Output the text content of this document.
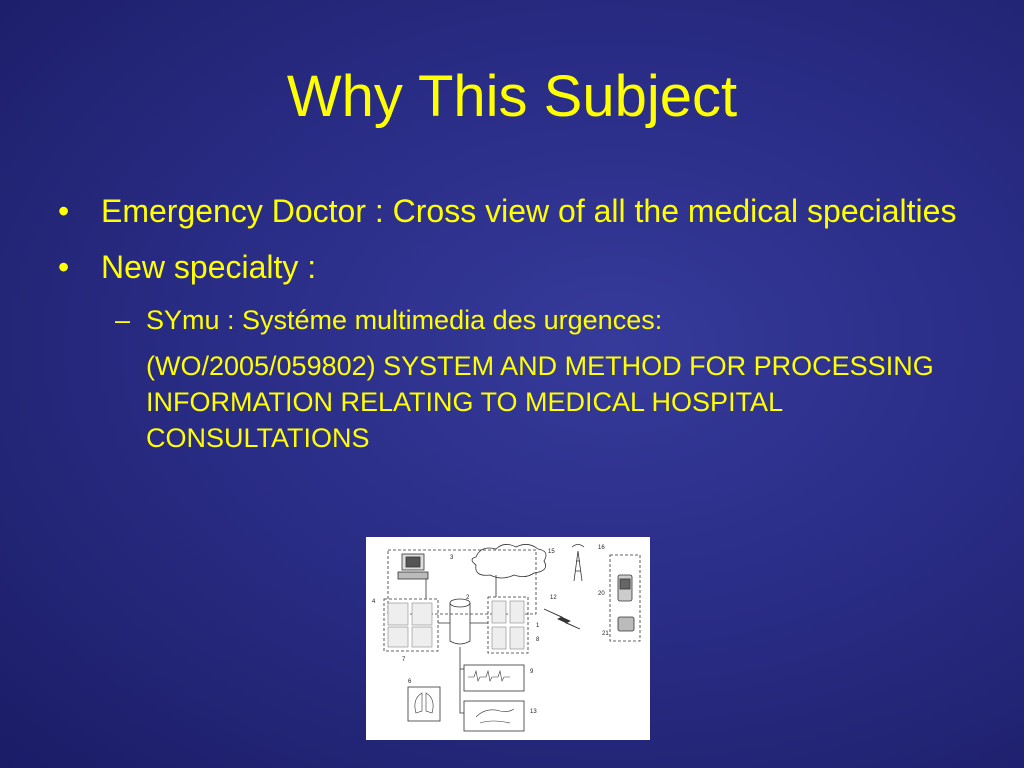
Why This Subject
• Emergency Doctor : Cross view of all the medical specialties
• New specialty :
– SYmu : Systéme multimedia des urgences:
(WO/2005/059802) SYSTEM AND METHOD FOR PROCESSING INFORMATION RELATING TO MEDICAL HOSPITAL CONSULTATIONS
3
2
4
1
8
7
6
9
13
12
15
16
20
21
